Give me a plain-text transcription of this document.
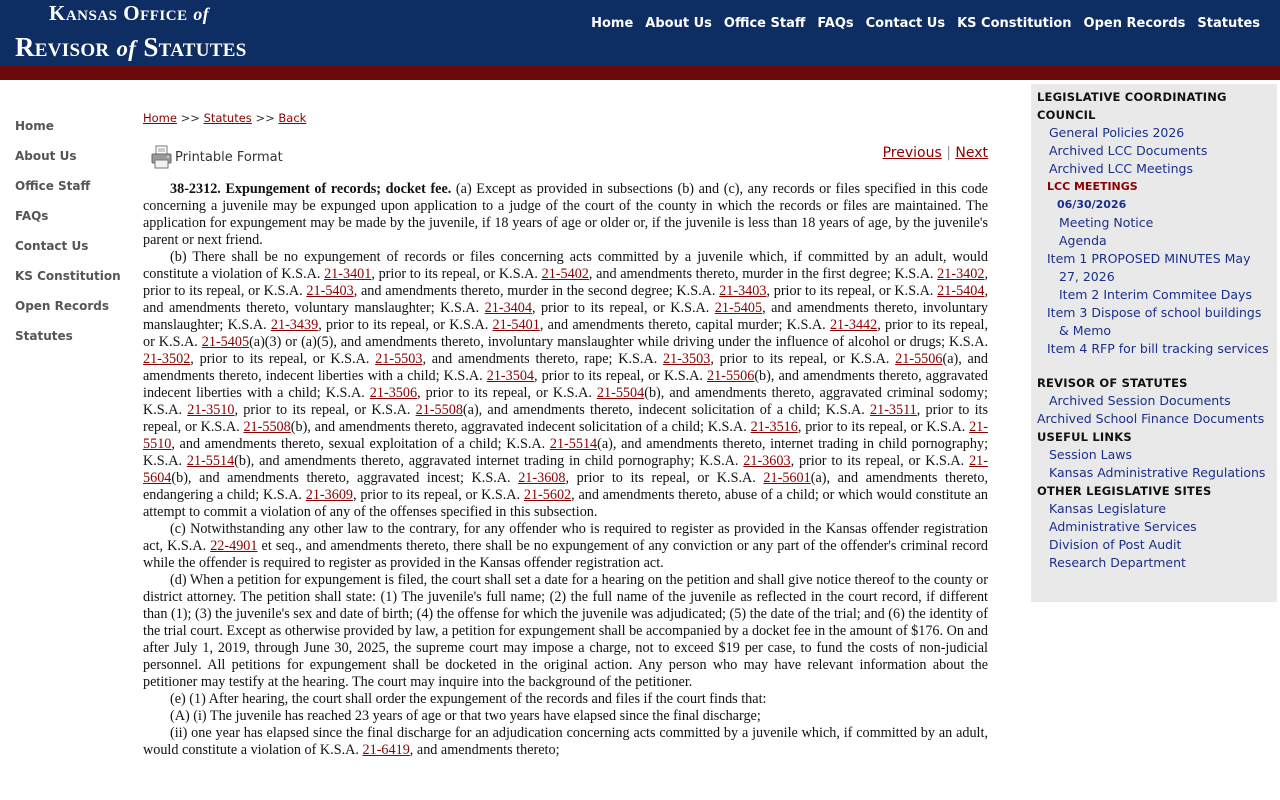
Kansas Office of
Revisor of Statutes
Home About Us Office Staff FAQs Contact Us KS Constitution Open Records Statutes
Home
About Us
Office Staff
FAQs
Contact Us
KS Constitution
Open Records
Statutes
Home >> Statutes >> Back
Printable Format	Previous | Next

38-2312. Expungement of records; docket fee. (a) Except as provided in subsections (b) and (c), any records or files specified in this code concerning a juvenile may be expunged upon application to a judge of the court of the county in which the records or files are maintained. The application for expungement may be made by the juvenile, if 18 years of age or older or, if the juvenile is less than 18 years of age, by the juvenile's parent or next friend.

(b) There shall be no expungement of records or files concerning acts committed by a juvenile which, if committed by an adult, would constitute a violation of K.S.A. 21-3401, prior to its repeal, or K.S.A. 21-5402, and amendments thereto, murder in the first degree; K.S.A. 21-3402, prior to its repeal, or K.S.A. 21-5403, and amendments thereto, murder in the second degree; K.S.A. 21-3403, prior to its repeal, or K.S.A. 21-5404, and amendments thereto, voluntary manslaughter; K.S.A. 21-3404, prior to its repeal, or K.S.A. 21-5405, and amendments thereto, involuntary manslaughter; K.S.A. 21-3439, prior to its repeal, or K.S.A. 21-5401, and amendments thereto, capital murder; K.S.A. 21-3442, prior to its repeal, or K.S.A. 21-5405(a)(3) or (a)(5), and amendments thereto, involuntary manslaughter while driving under the influence of alcohol or drugs; K.S.A. 21-3502, prior to its repeal, or K.S.A. 21-5503, and amendments thereto, rape; K.S.A. 21-3503, prior to its repeal, or K.S.A. 21-5506(a), and amendments thereto, indecent liberties with a child; K.S.A. 21-3504, prior to its repeal, or K.S.A. 21-5506(b), and amendments thereto, aggravated indecent liberties with a child; K.S.A. 21-3506, prior to its repeal, or K.S.A. 21-5504(b), and amendments thereto, aggravated criminal sodomy; K.S.A. 21-3510, prior to its repeal, or K.S.A. 21-5508(a), and amendments thereto, indecent solicitation of a child; K.S.A. 21-3511, prior to its repeal, or K.S.A. 21-5508(b), and amendments thereto, aggravated indecent solicitation of a child; K.S.A. 21-3516, prior to its repeal, or K.S.A. 21-5510, and amendments thereto, sexual exploitation of a child; K.S.A. 21-5514(a), and amendments thereto, internet trading in child pornography; K.S.A. 21-5514(b), and amendments thereto, aggravated internet trading in child pornography; K.S.A. 21-3603, prior to its repeal, or K.S.A. 21-5604(b), and amendments thereto, aggravated incest; K.S.A. 21-3608, prior to its repeal, or K.S.A. 21-5601(a), and amendments thereto, endangering a child; K.S.A. 21-3609, prior to its repeal, or K.S.A. 21-5602, and amendments thereto, abuse of a child; or which would constitute an attempt to commit a violation of any of the offenses specified in this subsection.

(c) Notwithstanding any other law to the contrary, for any offender who is required to register as provided in the Kansas offender registration act, K.S.A. 22-4901 et seq., and amendments thereto, there shall be no expungement of any conviction or any part of the offender's criminal record while the offender is required to register as provided in the Kansas offender registration act.

(d) When a petition for expungement is filed, the court shall set a date for a hearing on the petition and shall give notice thereof to the county or district attorney. The petition shall state: (1) The juvenile's full name; (2) the full name of the juvenile as reflected in the court record, if different than (1); (3) the juvenile's sex and date of birth; (4) the offense for which the juvenile was adjudicated; (5) the date of the trial; and (6) the identity of the trial court. Except as otherwise provided by law, a petition for expungement shall be accompanied by a docket fee in the amount of $176. On and after July 1, 2019, through June 30, 2025, the supreme court may impose a charge, not to exceed $19 per case, to fund the costs of non-judicial personnel. All petitions for expungement shall be docketed in the original action. Any person who may have relevant information about the petitioner may testify at the hearing. The court may inquire into the background of the petitioner.

(e) (1) After hearing, the court shall order the expungement of the records and files if the court finds that:

(A) (i) The juvenile has reached 23 years of age or that two years have elapsed since the final discharge;

(ii) one year has elapsed since the final discharge for an adjudication concerning acts committed by a juvenile which, if committed by an adult, would constitute a violation of K.S.A. 21-6419, and amendments thereto;

LEGISLATIVE COORDINATING COUNCIL
General Policies 2026
Archived LCC Documents
Archived LCC Meetings
LCC MEETINGS
06/30/2026
Meeting Notice
Agenda
Item 1 PROPOSED MINUTES May 27, 2026
Item 2 Interim Commitee Days
Item 3 Dispose of school buildings & Memo
Item 4 RFP for bill tracking services
REVISOR OF STATUTES
Archived Session Documents
Archived School Finance Documents
USEFUL LINKS
Session Laws
Kansas Administrative Regulations
OTHER LEGISLATIVE SITES
Kansas Legislature
Administrative Services
Division of Post Audit
Research Department
